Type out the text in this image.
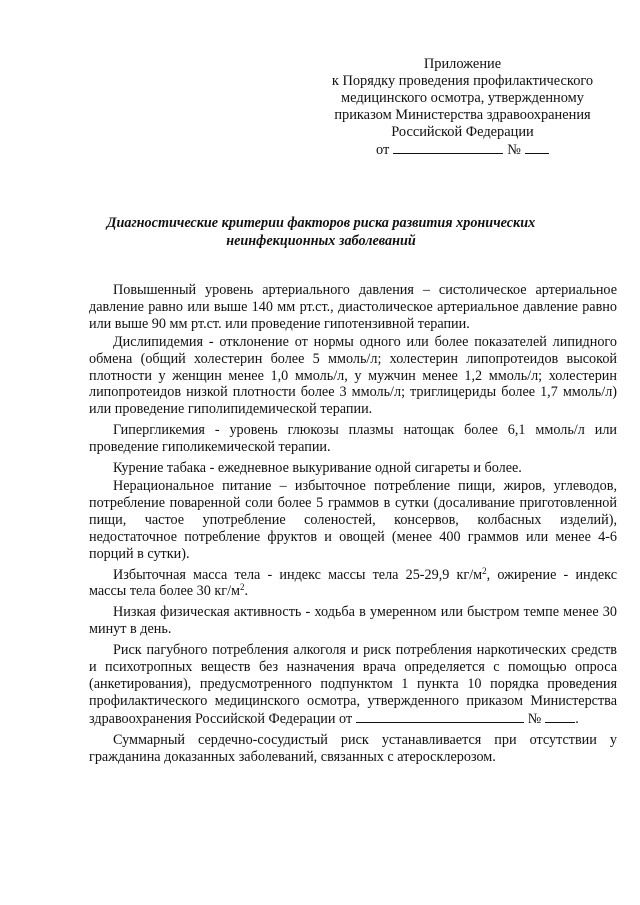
Приложение
к Порядку проведения профилактического
медицинского осмотра, утвержденному
приказом Министерства здравоохранения
Российской Федерации
от	№
Диагностические критерии факторов риска развития хронических
неинфекционных заболеваний

Повышенный уровень артериального давления – систолическое артериальное давление равно или выше 140 мм рт.ст., диастолическое артериальное давление равно или выше 90 мм рт.ст. или проведение гипотензивной терапии.

Дислипидемия - отклонение от нормы одного или более показателей липидного обмена (общий холестерин более 5 ммоль/л; холестерин липопротеидов высокой плотности у женщин менее 1,0 ммоль/л, у мужчин менее 1,2 ммоль/л; холестерин липопротеидов низкой плотности более 3 ммоль/л; триглицериды более 1,7 ммоль/л) или проведение гиполипидемической терапии.

Гипергликемия - уровень глюкозы плазмы натощак более 6,1 ммоль/л или проведение гиполикемической терапии.

Курение табака - ежедневное выкуривание одной сигареты и более.

Нерациональное питание – избыточное потребление пищи, жиров, углеводов, потребление поваренной соли более 5 граммов в сутки (досаливание приготовленной пищи, частое употребление соленостей, консервов, колбасных изделий), недостаточное потребление фруктов и овощей (менее 400 граммов или менее 4-6 порций в сутки).

Избыточная масса тела - индекс массы тела 25-29,9 $кг/м^2$, ожирение - индекс массы тела более 30 $кг/м^2$.

Низкая физическая активность - ходьба в умеренном или быстром темпе менее 30 минут в день.

Риск пагубного потребления алкоголя и риск потребления наркотических средств и психотропных веществ без назначения врача определяется с помощью опроса (анкетирования), предусмотренного подпунктом 1 пункта 10 порядка проведения профилактического медицинского осмотра, утвержденного приказом Министерства здравоохранения Российской Федерации от	№ .

Суммарный сердечно-сосудистый риск устанавливается при отсутствии у гражданина доказанных заболеваний, связанных с атеросклерозом.
